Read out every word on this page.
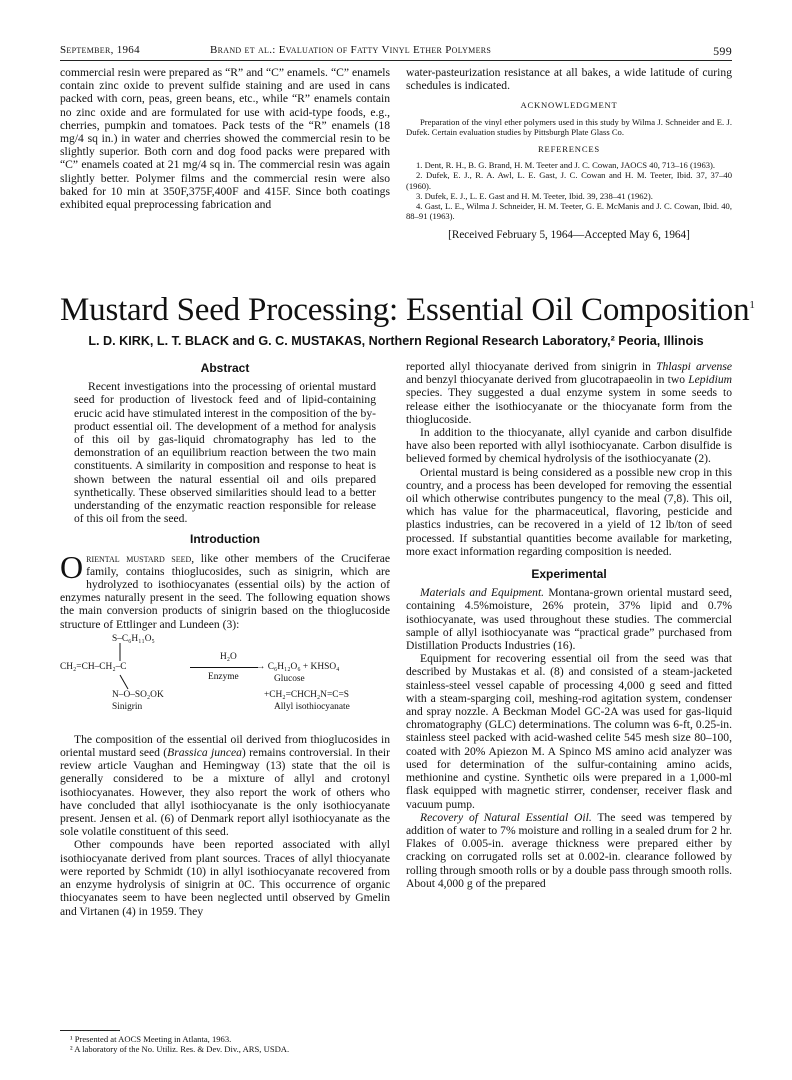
September, 1964	Brand et al.: Evaluation of Fatty Vinyl Ether Polymers	599

commercial resin were prepared as “R” and “C” enamels. “C” enamels contain zinc oxide to prevent sulfide staining and are used in cans packed with corn, peas, green beans, etc., while “R” enamels contain no zinc oxide and are formulated for use with acid-type foods, e.g., cherries, pumpkin and tomatoes. Pack tests of the “R” enamels (18 mg/4 sq in.) in water and cherries showed the commercial resin to be slightly superior. Both corn and dog food packs were prepared with “C” enamels coated at 21 mg/4 sq in. The commercial resin was again slightly better. Polymer films and the commercial resin were also baked for 10 min at 350F,375F,400F and 415F. Since both coatings exhibited equal preprocessing fabrication and

water-pasteurization resistance at all bakes, a wide latitude of curing schedules is indicated.

ACKNOWLEDGMENT

Preparation of the vinyl ether polymers used in this study by Wilma J. Schneider and E. J. Dufek. Certain evaluation studies by Pittsburgh Plate Glass Co.

REFERENCES

1. Dent, R. H., B. G. Brand, H. M. Teeter and J. C. Cowan, JAOCS 40, 713–16 (1963).

2. Dufek, E. J., R. A. Awl, L. E. Gast, J. C. Cowan and H. M. Teeter, Ibid. 37, 37–40 (1960).

3. Dufek, E. J., L. E. Gast and H. M. Teeter, Ibid. 39, 238–41 (1962).

4. Gast, L. E., Wilma J. Schneider, H. M. Teeter, G. E. McManis and J. C. Cowan, Ibid. 40, 88–91 (1963).

[Received February 5, 1964—Accepted May 6, 1964]
Mustard Seed Processing: Essential Oil Composition$^1$
L. D. KIRK, L. T. BLACK and G. C. MUSTAKAS, Northern Regional Research Laboratory,² Peoria, Illinois
Abstract

Recent investigations into the processing of oriental mustard seed for production of livestock feed and of lipid-containing erucic acid have stimulated interest in the composition of the by-product essential oil. The development of a method for analysis of this oil by gas-liquid chromatography has led to the demonstration of an equilibrium reaction between the two main constituents. A similarity in composition and response to heat is shown between the natural essential oil and oils prepared synthetically. These observed similarities should lead to a better understanding of the enzymatic reaction responsible for release of this oil from the seed.

Introduction

Oriental mustard seed, like other members of the Cruciferae family, contains thioglucosides, such as sinigrin, which are hydrolyzed to isothiocyanates (essential oils) by the action of enzymes naturally present in the seed. The following equation shows the main conversion products of sinigrin based on the thioglucoside structure of Ettlinger and Lundeen (3):

S–C₆H₁₁O₅
CH₂=CH–CH₂–C
N–O–SO₂OK
Sinigrin
H₂O
Enzyme
→ C₆H₁₂O₆ + KHSO₄
Glucose
+CH₂=CHCH₂N=C=S
Allyl isothiocyanate

The composition of the essential oil derived from thioglucosides in oriental mustard seed (Brassica juncea) remains controversial. In their review article Vaughan and Hemingway (13) state that the oil is generally considered to be a mixture of allyl and crotonyl isothiocyanates. However, they also report the work of others who have concluded that allyl isothiocyanate is the only isothiocyanate present. Jensen et al. (6) of Denmark report allyl isothiocyanate as the sole volatile constituent of this seed.

Other compounds have been reported associated with allyl isothiocyanate derived from plant sources. Traces of allyl thiocyanate were reported by Schmidt (10) in allyl isothiocyanate recovered from an enzyme hydrolysis of sinigrin at 0C. This occurrence of organic thiocyanates seem to have been neglected until observed by Gmelin and Virtanen (4) in 1959. They

¹ Presented at AOCS Meeting in Atlanta, 1963.

² A laboratory of the No. Utiliz. Res. & Dev. Div., ARS, USDA.

reported allyl thiocyanate derived from sinigrin in Thlaspi arvense and benzyl thiocyanate derived from glucotrapaeolin in two Lepidium species. They suggested a dual enzyme system in some seeds to release either the isothiocyanate or the thiocyanate form from the thioglucoside.

In addition to the thiocyanate, allyl cyanide and carbon disulfide have also been reported with allyl isothiocyanate. Carbon disulfide is believed formed by chemical hydrolysis of the isothiocyanate (2).

Oriental mustard is being considered as a possible new crop in this country, and a process has been developed for removing the essential oil which otherwise contributes pungency to the meal (7,8). This oil, which has value for the pharmaceutical, flavoring, pesticide and plastics industries, can be recovered in a yield of 12 lb/ton of seed processed. If substantial quantities become available for marketing, more exact information regarding composition is needed.

Experimental

Materials and Equipment. Montana-grown oriental mustard seed, containing 4.5%moisture, 26% protein, 37% lipid and 0.7% isothiocyanate, was used throughout these studies. The commercial sample of allyl isothiocyanate was “practical grade” purchased from Distillation Products Industries (16).

Equipment for recovering essential oil from the seed was that described by Mustakas et al. (8) and consisted of a steam-jacketed stainless-steel vessel capable of processing 4,000 g seed and fitted with a steam-sparging coil, meshing-rod agitation system, condenser and spray nozzle. A Beckman Model GC-2A was used for gas-liquid chromatography (GLC) determinations. The column was 6-ft, 0.25-in. stainless steel packed with acid-washed celite 545 mesh size 80–100, coated with 20% Apiezon M. A Spinco MS amino acid analyzer was used for determination of the sulfur-containing amino acids, methionine and cystine. Synthetic oils were prepared in a 1,000-ml flask equipped with magnetic stirrer, condenser, receiver flask and vacuum pump.

Recovery of Natural Essential Oil. The seed was tempered by addition of water to 7% moisture and rolling in a sealed drum for 2 hr. Flakes of 0.005-in. average thickness were prepared either by cracking on corrugated rolls set at 0.002-in. clearance followed by rolling through smooth rolls or by a double pass through smooth rolls. About 4,000 g of the prepared
